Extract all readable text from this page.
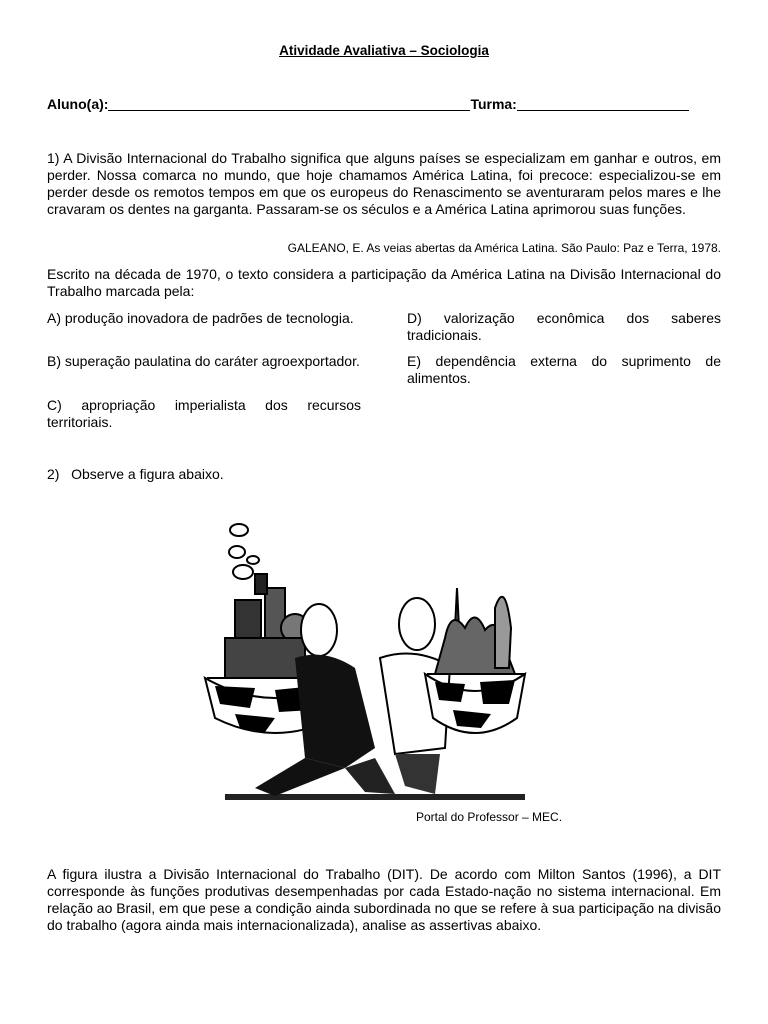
Atividade Avaliativa – Sociologia
Aluno(a):	Turma:
1) A Divisão Internacional do Trabalho significa que alguns países se especializam em ganhar e outros, em perder. Nossa comarca no mundo, que hoje chamamos América Latina, foi precoce: especializou-se em perder desde os remotos tempos em que os europeus do Renascimento se aventuraram pelos mares e lhe cravaram os dentes na garganta. Passaram-se os séculos e a América Latina aprimorou suas funções.
GALEANO, E. As veias abertas da América Latina. São Paulo: Paz e Terra, 1978.
Escrito na década de 1970, o texto considera a participação da América Latina na Divisão Internacional do Trabalho marcada pela:
A) produção inovadora de padrões de tecnologia.
B) superação paulatina do caráter agroexportador.
C) apropriação imperialista dos recursos territoriais.
D) valorização econômica dos saberes tradicionais.
E) dependência externa do suprimento de alimentos.
2)   Observe a figura abaixo.
Portal do Professor – MEC.
A figura ilustra a Divisão Internacional do Trabalho (DIT). De acordo com Milton Santos (1996), a DIT corresponde às funções produtivas desempenhadas por cada Estado-nação no sistema internacional. Em relação ao Brasil, em que pese a condição ainda subordinada no que se refere à sua participação na divisão do trabalho (agora ainda mais internacionalizada), analise as assertivas abaixo.
